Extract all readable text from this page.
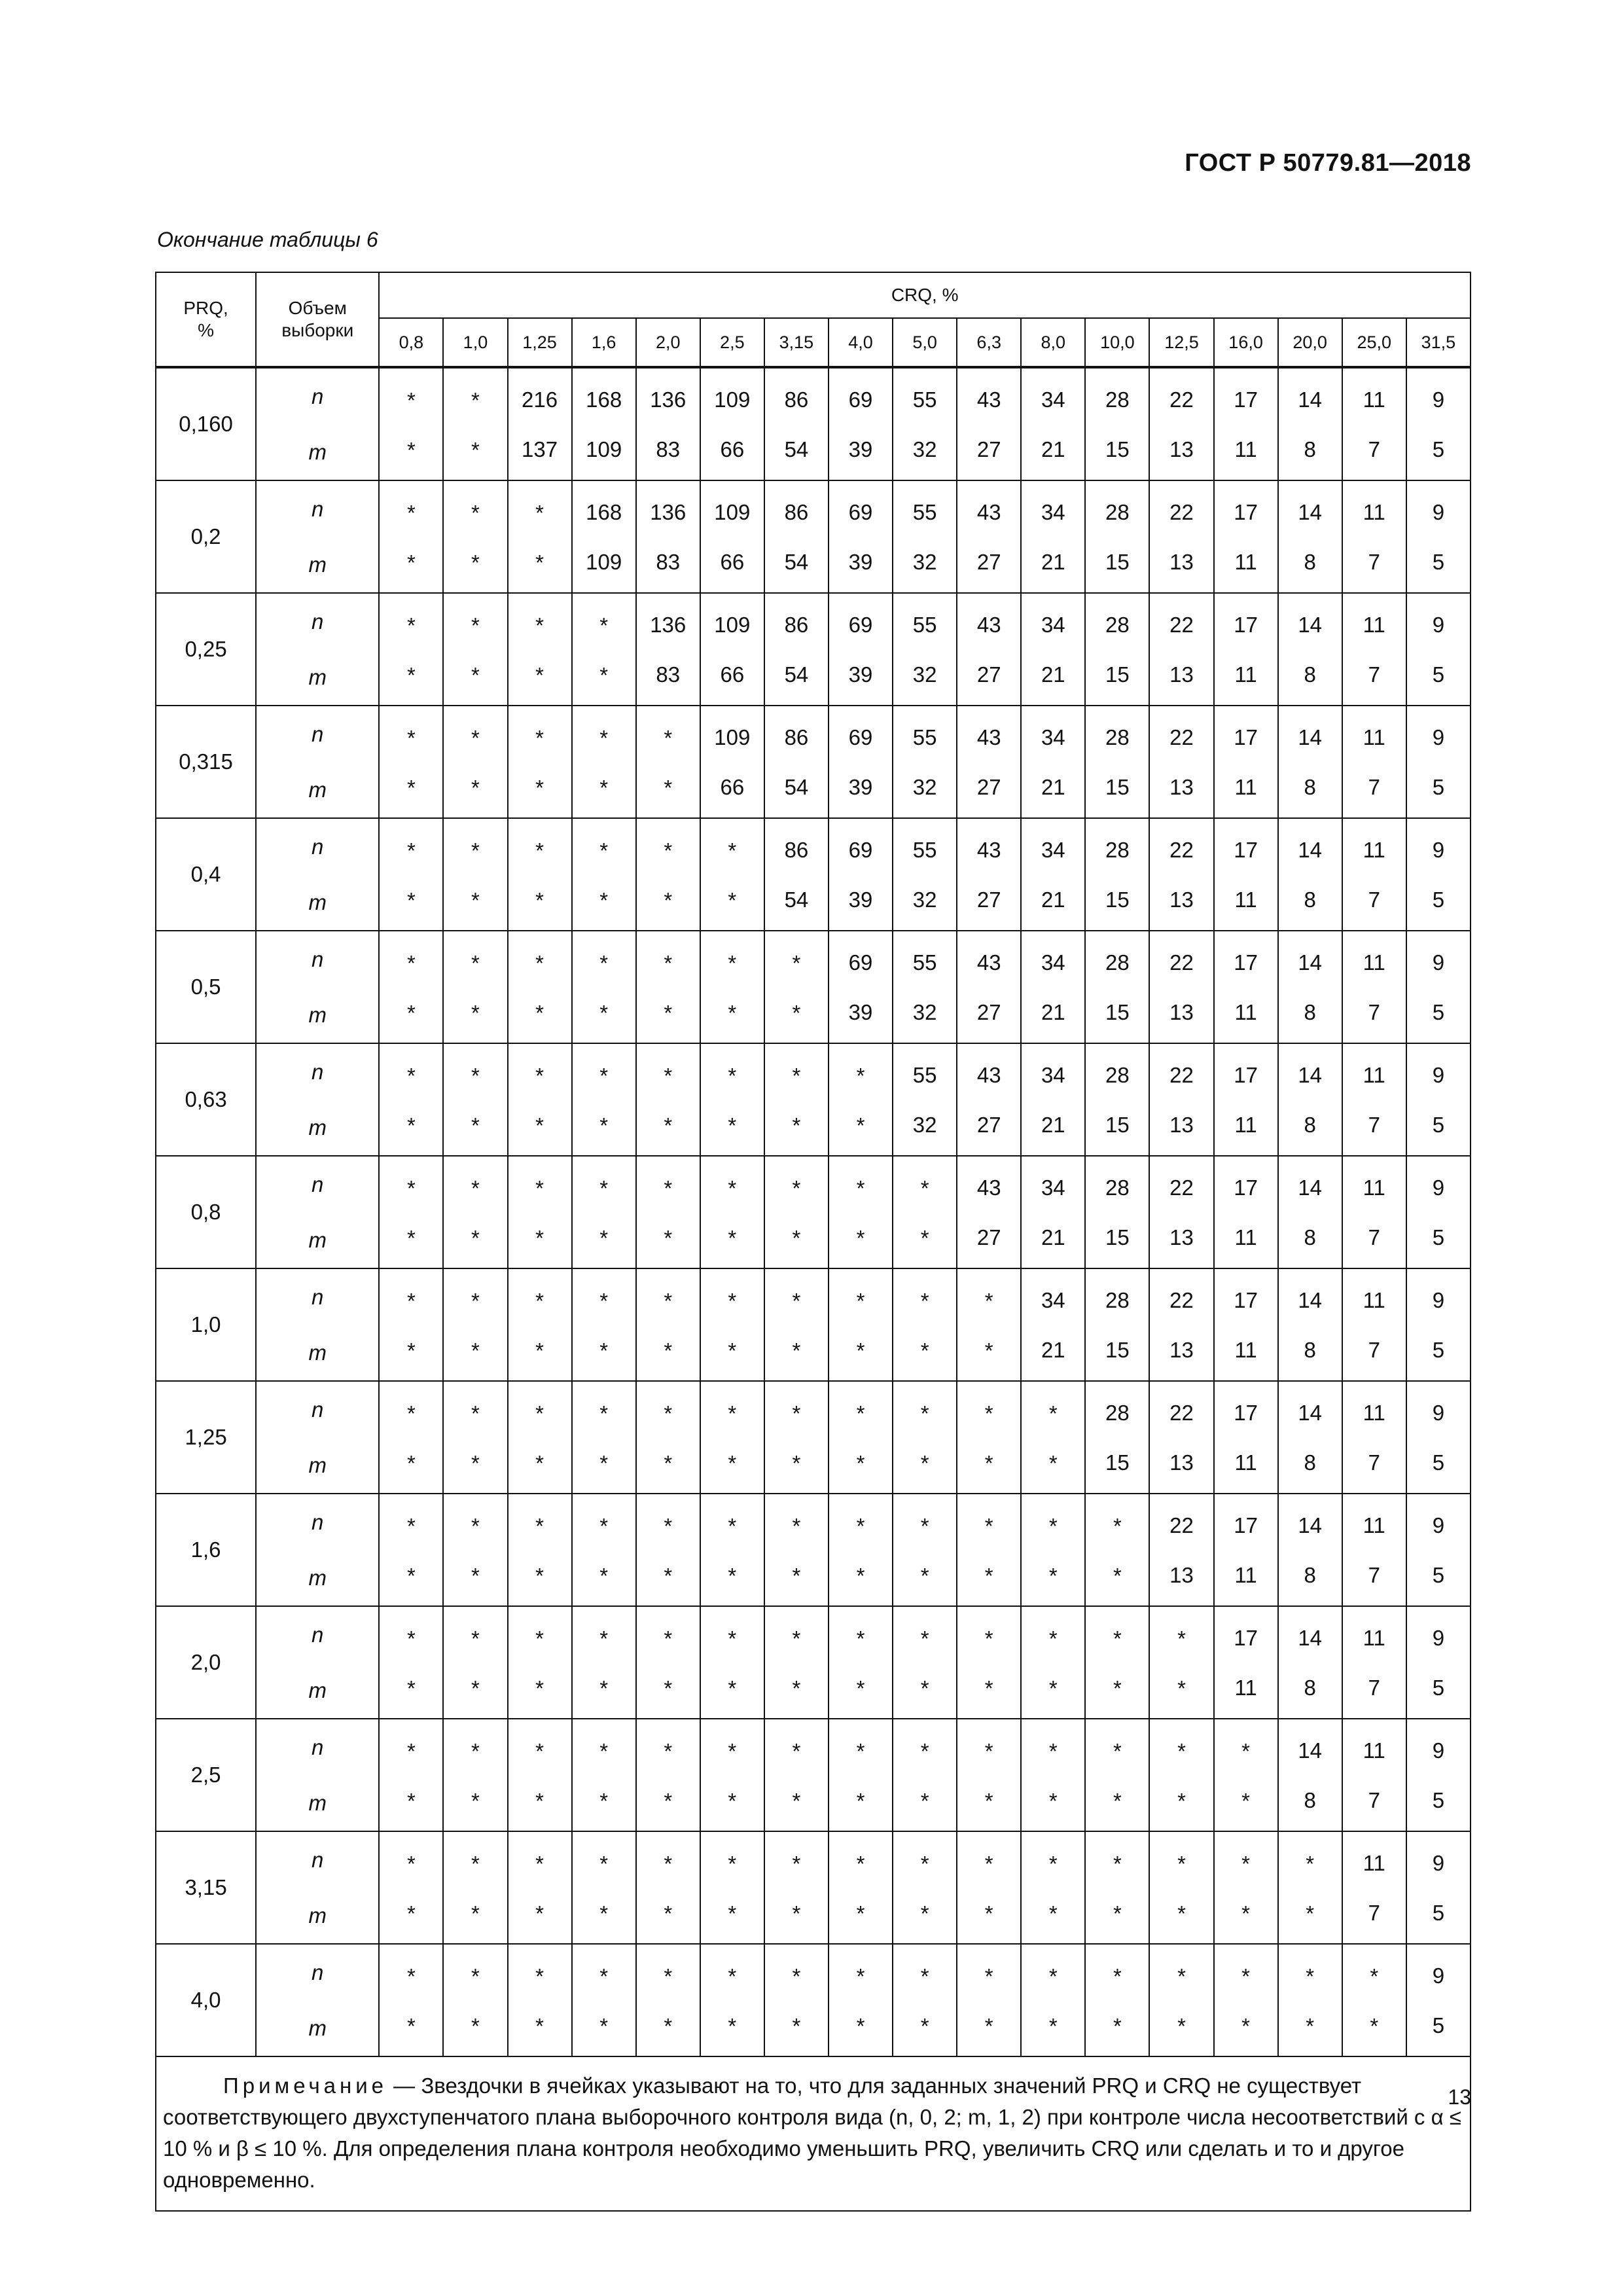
ГОСТ Р 50779.81—2018
Окончание таблицы 6
PRQ,
%	Объем
выборки	CRQ, %																
		0,8	1,0	1,25	1,6	2,0	2,5	3,15	4,0	5,0	6,3	8,0	10,0	12,5	16,0	20,0	25,0	31,5
0,160	n	*	*	216	168	136	109	86	69	55	43	34	28	22	17	14	11	9
	m	*	*	137	109	83	66	54	39	32	27	21	15	13	11	8	7	5
0,2	n	*	*	*	168	136	109	86	69	55	43	34	28	22	17	14	11	9
	m	*	*	*	109	83	66	54	39	32	27	21	15	13	11	8	7	5
0,25	n	*	*	*	*	136	109	86	69	55	43	34	28	22	17	14	11	9
	m	*	*	*	*	83	66	54	39	32	27	21	15	13	11	8	7	5
0,315	n	*	*	*	*	*	109	86	69	55	43	34	28	22	17	14	11	9
	m	*	*	*	*	*	66	54	39	32	27	21	15	13	11	8	7	5
0,4	n	*	*	*	*	*	*	86	69	55	43	34	28	22	17	14	11	9
	m	*	*	*	*	*	*	54	39	32	27	21	15	13	11	8	7	5
0,5	n	*	*	*	*	*	*	*	69	55	43	34	28	22	17	14	11	9
	m	*	*	*	*	*	*	*	39	32	27	21	15	13	11	8	7	5
0,63	n	*	*	*	*	*	*	*	*	55	43	34	28	22	17	14	11	9
	m	*	*	*	*	*	*	*	*	32	27	21	15	13	11	8	7	5
0,8	n	*	*	*	*	*	*	*	*	*	43	34	28	22	17	14	11	9
	m	*	*	*	*	*	*	*	*	*	27	21	15	13	11	8	7	5
1,0	n	*	*	*	*	*	*	*	*	*	*	34	28	22	17	14	11	9
	m	*	*	*	*	*	*	*	*	*	*	21	15	13	11	8	7	5
1,25	n	*	*	*	*	*	*	*	*	*	*	*	28	22	17	14	11	9
	m	*	*	*	*	*	*	*	*	*	*	*	15	13	11	8	7	5
1,6	n	*	*	*	*	*	*	*	*	*	*	*	*	22	17	14	11	9
	m	*	*	*	*	*	*	*	*	*	*	*	*	13	11	8	7	5
2,0	n	*	*	*	*	*	*	*	*	*	*	*	*	*	17	14	11	9
	m	*	*	*	*	*	*	*	*	*	*	*	*	*	11	8	7	5
2,5	n	*	*	*	*	*	*	*	*	*	*	*	*	*	*	14	11	9
	m	*	*	*	*	*	*	*	*	*	*	*	*	*	*	8	7	5
3,15	n	*	*	*	*	*	*	*	*	*	*	*	*	*	*	*	11	9
	m	*	*	*	*	*	*	*	*	*	*	*	*	*	*	*	7	5
4,0	n	*	*	*	*	*	*	*	*	*	*	*	*	*	*	*	*	9
	m	*	*	*	*	*	*	*	*	*	*	*	*	*	*	*	*	5
Примечание — Звездочки в ячейках указывают на то, что для заданных значений PRQ и CRQ не существует соответствующего двухступенчатого плана выборочного контроля вида (n, 0, 2; m, 1, 2) при контроле числа несоответствий с α ≤ 10 % и β ≤ 10 %. Для определения плана контроля необходимо уменьшить PRQ, увеличить CRQ или сделать и то и другое одновременно.																		
13
